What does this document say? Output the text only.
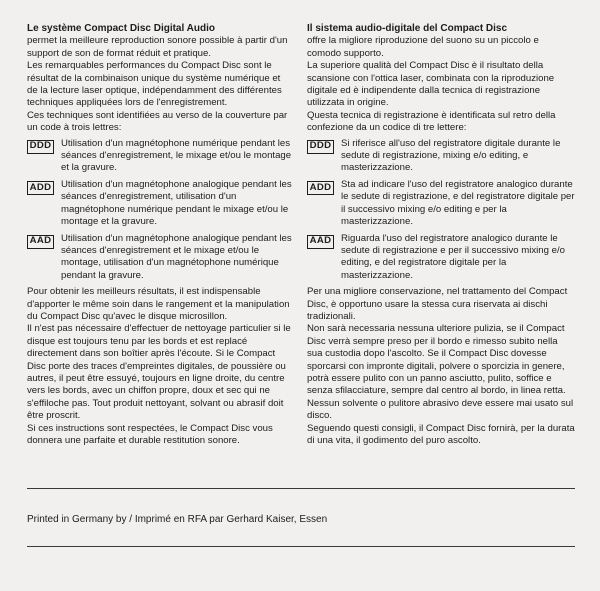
Le système Compact Disc Digital Audio

permet la meilleure reproduction sonore possible à partir d'un support de son de format réduit et pratique.

Les remarquables performances du Compact Disc sont le résultat de la combinaison unique du système numérique et de la lecture laser optique, indépendamment des différentes techniques appliquées lors de l'enregistrement.

Ces techniques sont identifiées au verso de la couverture par un code à trois lettres:

DDD Utilisation d'un magnétophone numérique pendant les séances d'enregistrement, le mixage et/ou le montage et la gravure.
ADD Utilisation d'un magnétophone analogique pendant les séances d'enregistrement, utilisation d'un magnétophone numérique pendant le mixage et/ou le montage et la gravure.
AAD Utilisation d'un magnétophone analogique pendant les séances d'enregistrement et le mixage et/ou le montage, utilisation d'un magnétophone numérique pendant la gravure.

Pour obtenir les meilleurs résultats, il est indispensable d'apporter le même soin dans le rangement et la manipulation du Compact Disc qu'avec le disque microsillon.

Il n'est pas nécessaire d'effectuer de nettoyage particulier si le disque est toujours tenu par les bords et est replacé directement dans son boîtier après l'écoute. Si le Compact Disc porte des traces d'empreintes digitales, de poussière ou autres, il peut être essuyé, toujours en ligne droite, du centre vers les bords, avec un chiffon propre, doux et sec qui ne s'effiloche pas. Tout produit nettoyant, solvant ou abrasif doit être proscrit.

Si ces instructions sont respectées, le Compact Disc vous donnera une parfaite et durable restitution sonore.

Il sistema audio-digitale del Compact Disc

offre la migliore riproduzione del suono su un piccolo e comodo supporto.

La superiore qualità del Compact Disc è il risultato della scansione con l'ottica laser, combinata con la riproduzione digitale ed è indipendente dalla tecnica di registrazione utilizzata in origine.

Questa tecnica di registrazione è identificata sul retro della confezione da un codice di tre lettere:

DDD Si riferisce all'uso del registratore digitale durante le sedute di registrazione, mixing e/o editing, e masterizzazione.
ADD Sta ad indicare l'uso del registratore analogico durante le sedute di registrazione, e del registratore digitale per il successivo mixing e/o editing e per la masterizzazione.
AAD Riguarda l'uso del registratore analogico durante le sedute di registrazione e per il successivo mixing e/o editing, e del registratore digitale per la masterizzazione.

Per una migliore conservazione, nel trattamento del Compact Disc, è opportuno usare la stessa cura riservata ai dischi tradizionali.

Non sarà necessaria nessuna ulteriore pulizia, se il Compact Disc verrà sempre preso per il bordo e rimesso subito nella sua custodia dopo l'ascolto. Se il Compact Disc dovesse sporcarsi con impronte digitali, polvere o sporcizia in genere, potrà essere pulito con un panno asciutto, pulito, soffice e senza sfilacciature, sempre dal centro al bordo, in linea retta. Nessun solvente o pulitore abrasivo deve essere mai usato sul disco.

Seguendo questi consigli, il Compact Disc fornirà, per la durata di una vita, il godimento del puro ascolto.

Printed in Germany by / Imprimé en RFA par Gerhard Kaiser, Essen
